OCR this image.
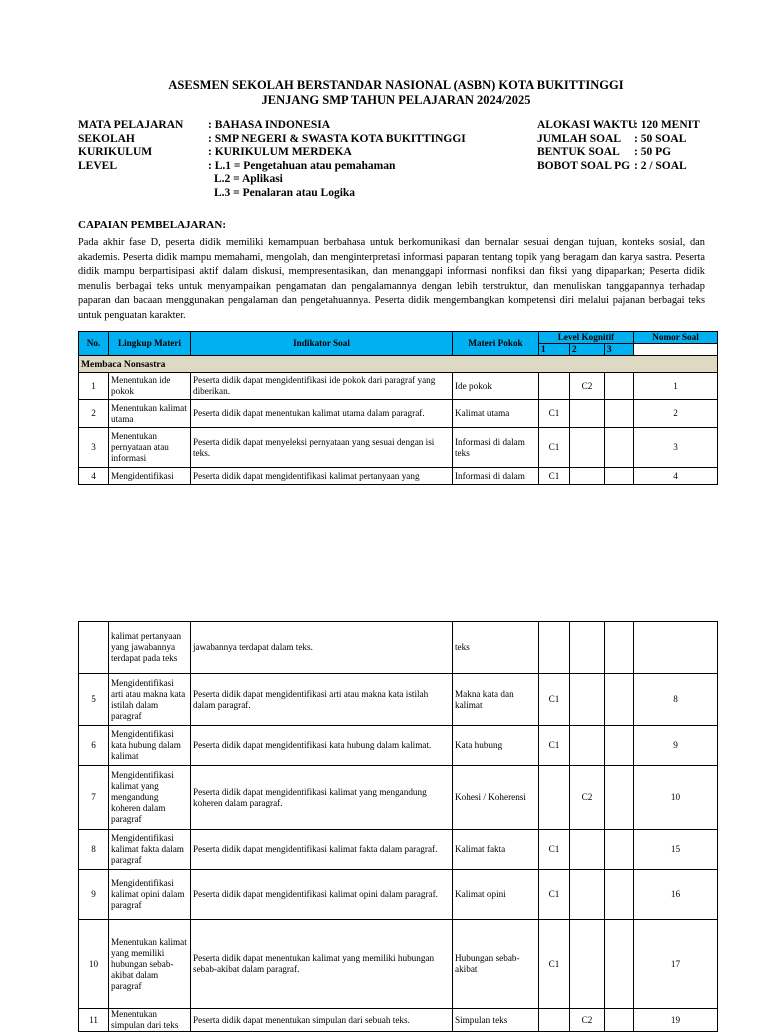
ASESMEN SEKOLAH BERSTANDAR NASIONAL (ASBN) KOTA BUKITTINGGI
JENJANG SMP TAHUN PELAJARAN 2024/2025
MATA PELAJARAN : BAHASA INDONESIA
SEKOLAH	: SMP NEGERI & SWASTA KOTA BUKITTINGGI
KURIKULUM	: KURIKULUM MERDEKA
LEVEL	: L.1 = Pengetahuan atau pemahaman
L.2 = Aplikasi
L.3 = Penalaran atau Logika
ALOKASI WAKTU: 120 MENIT
JUMLAH SOAL : 50 SOAL
BENTUK SOAL : 50 PG
BOBOT SOAL PG : 2 / SOAL
CAPAIAN PEMBELAJARAN:
Pada akhir fase D, peserta didik memiliki kemampuan berbahasa untuk berkomunikasi dan bernalar sesuai dengan tujuan, konteks sosial, dan akademis. Peserta didik mampu memahami, mengolah, dan menginterpretasi informasi paparan tentang topik yang beragam dan karya sastra. Peserta didik mampu berpartisipasi aktif dalam diskusi, mempresentasikan, dan menanggapi informasi nonfiksi dan fiksi yang dipaparkan; Peserta didik menulis berbagai teks untuk menyampaikan pengamatan dan pengalamannya dengan lebih terstruktur, dan menuliskan tanggapannya terhadap paparan dan bacaan menggunakan pengalaman dan pengetahuannya. Peserta didik mengembangkan kompetensi diri melalui pajanan berbagai teks untuk penguatan karakter.
No.	Lingkup Materi	Indikator Soal	Materi Pokok	Level Kognitif			Nomor Soal
				1	2	3	
Membaca Nonsastra							
1	Menentukan ide pokok	Peserta didik dapat mengidentifikasi ide pokok dari paragraf yang diberikan.	Ide pokok		C2		1
2	Menentukan kalimat utama	Peserta didik dapat menentukan kalimat utama dalam paragraf.	Kalimat utama	C1			2
3	Menentukan pernyataan atau informasi	Peserta didik dapat menyeleksi pernyataan yang sesuai dengan isi teks.	Informasi di dalam teks	C1			3
4	Mengidentifikasi	Peserta didik dapat mengidentifikasi kalimat pertanyaan yang	Informasi di dalam	C1			4
	kalimat pertanyaan yang jawabannya terdapat pada teks	jawabannya terdapat dalam teks.	teks				
5	Mengidentifikasi arti atau makna kata istilah dalam paragraf	Peserta didik dapat mengidentifikasi arti atau makna kata istilah dalam paragraf.	Makna kata dan kalimat	C1			8
6	Mengidentifikasi kata hubung dalam kalimat	Peserta didik dapat mengidentifikasi kata hubung dalam kalimat.	Kata hubung	C1			9
7	Mengidentifikasi kalimat yang mengandung koheren dalam paragraf	Peserta didik dapat mengidentifikasi kalimat yang mengandung koheren dalam paragraf.	Kohesi / Koherensi		C2		10
8	Mengidentifikasi kalimat fakta dalam paragraf	Peserta didik dapat mengidentifikasi kalimat fakta dalam paragraf.	Kalimat fakta	C1			15
9	Mengidentifikasi kalimat opini dalam paragraf	Peserta didik dapat mengidentifikasi kalimat opini dalam paragraf.	Kalimat opini	C1			16
10	Menentukan kalimat yang memiliki hubungan sebab-akibat dalam paragraf	Peserta didik dapat menentukan kalimat yang memiliki hubungan sebab-akibat dalam paragraf.	Hubungan sebab-akibat	C1			17
11	Menentukan simpulan dari teks	Peserta didik dapat menentukan simpulan dari sebuah teks.	Simpulan teks		C2		19
